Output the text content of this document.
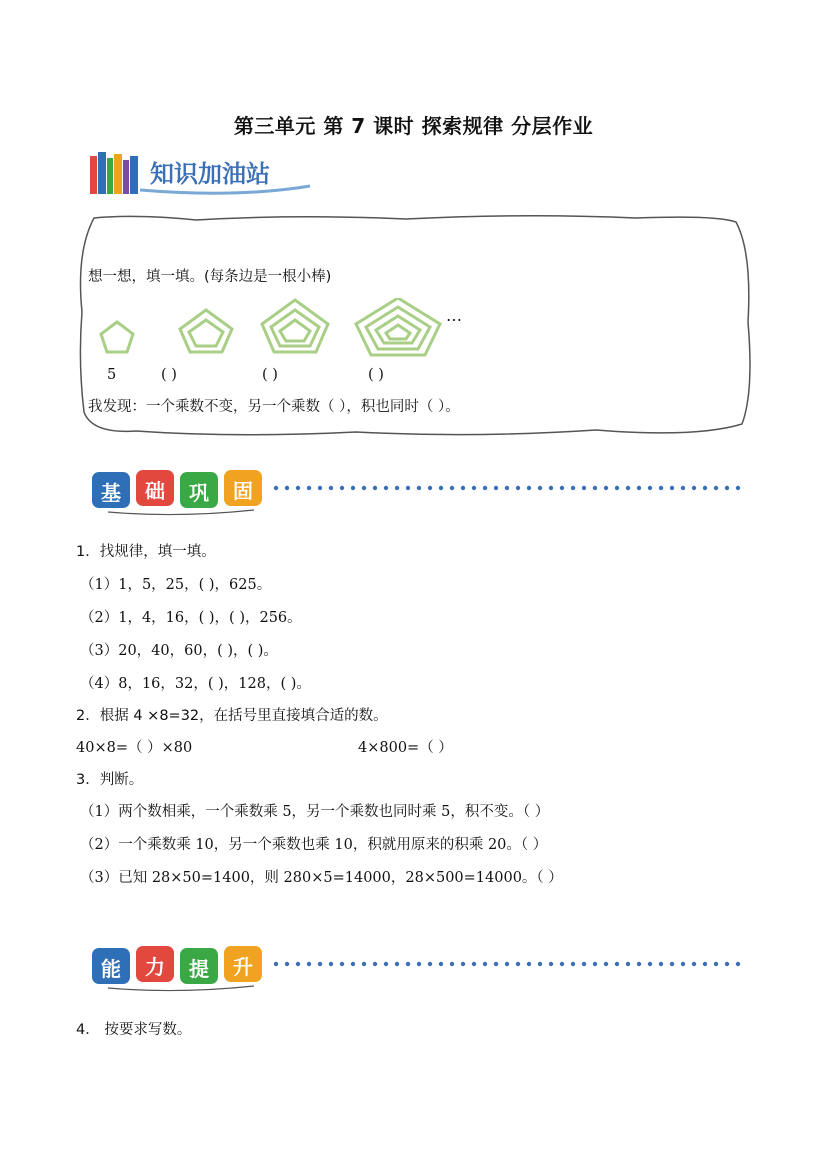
第三单元 第 7 课时 探索规律 分层作业
知识加油站
想一想，填一填。(每条边是一根小棒)
…
5	( )	( )	( )
我发现：一个乘数不变，另一个乘数（ ），积也同时（ ）。
基	础	巩	固
1．找规律，填一填。
（1）1，5，25，( )，625。
（2）1，4，16，( )，( )，256。
（3）20，40，60，( )，( )。
（4）8，16，32，( )，128，( )。
2．根据 4 ×8=32，在括号里直接填合适的数。
40×8=（ ）×80	4×800=（ ）
3．判断。
（1）两个数相乘，一个乘数乘 5，另一个乘数也同时乘 5，积不变。（ ）
（2）一个乘数乘 10，另一个乘数也乘 10，积就用原来的积乘 20。（ ）
（3）已知 28×50=1400，则 280×5=14000，28×500=14000。（ ）
能	力	提	升
4． 按要求写数。
